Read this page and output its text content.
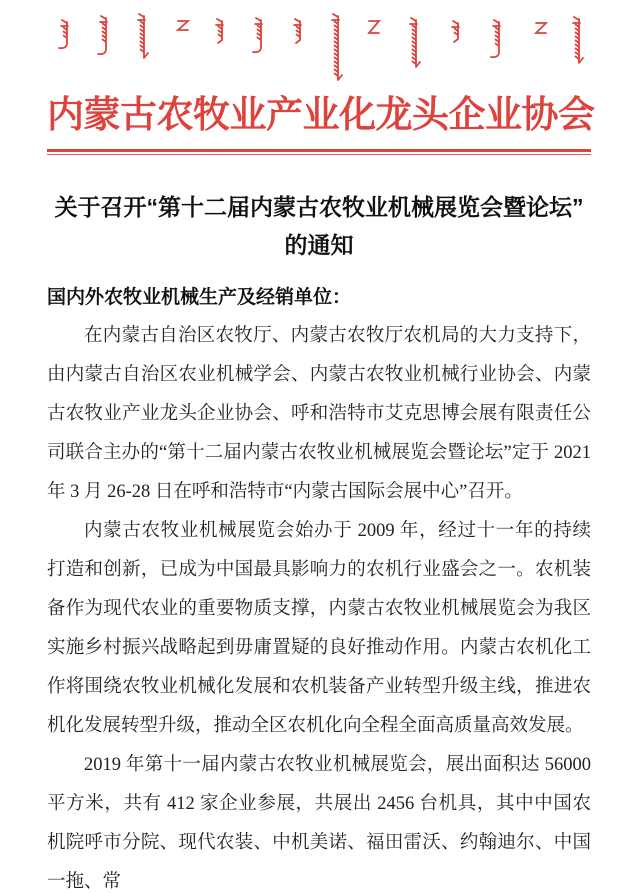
内蒙古农牧业产业化龙头企业协会
关于召开“第十二届内蒙古农牧业机械展览会暨论坛”
的通知

国内外农牧业机械生产及经销单位：

在内蒙古自治区农牧厅、内蒙古农牧厅农机局的大力支持下，由内蒙古自治区农业机械学会、内蒙古农牧业机械行业协会、内蒙古农牧业产业龙头企业协会、呼和浩特市艾克思博会展有限责任公司联合主办的“第十二届内蒙古农牧业机械展览会暨论坛”定于 2021 年 3 月 26-28 日在呼和浩特市“内蒙古国际会展中心”召开。

内蒙古农牧业机械展览会始办于 2009 年，经过十一年的持续打造和创新，已成为中国最具影响力的农机行业盛会之一。农机装备作为现代农业的重要物质支撑，内蒙古农牧业机械展览会为我区实施乡村振兴战略起到毋庸置疑的良好推动作用。内蒙古农机化工作将围绕农牧业机械化发展和农机装备产业转型升级主线，推进农机化发展转型升级，推动全区农机化向全程全面高质量高效发展。

2019 年第十一届内蒙古农牧业机械展览会，展出面积达 56000 平方米，共有 412 家企业参展，共展出 2456 台机具，其中中国农机院呼市分院、现代农装、中机美诺、福田雷沃、约翰迪尔、中国一拖、常
